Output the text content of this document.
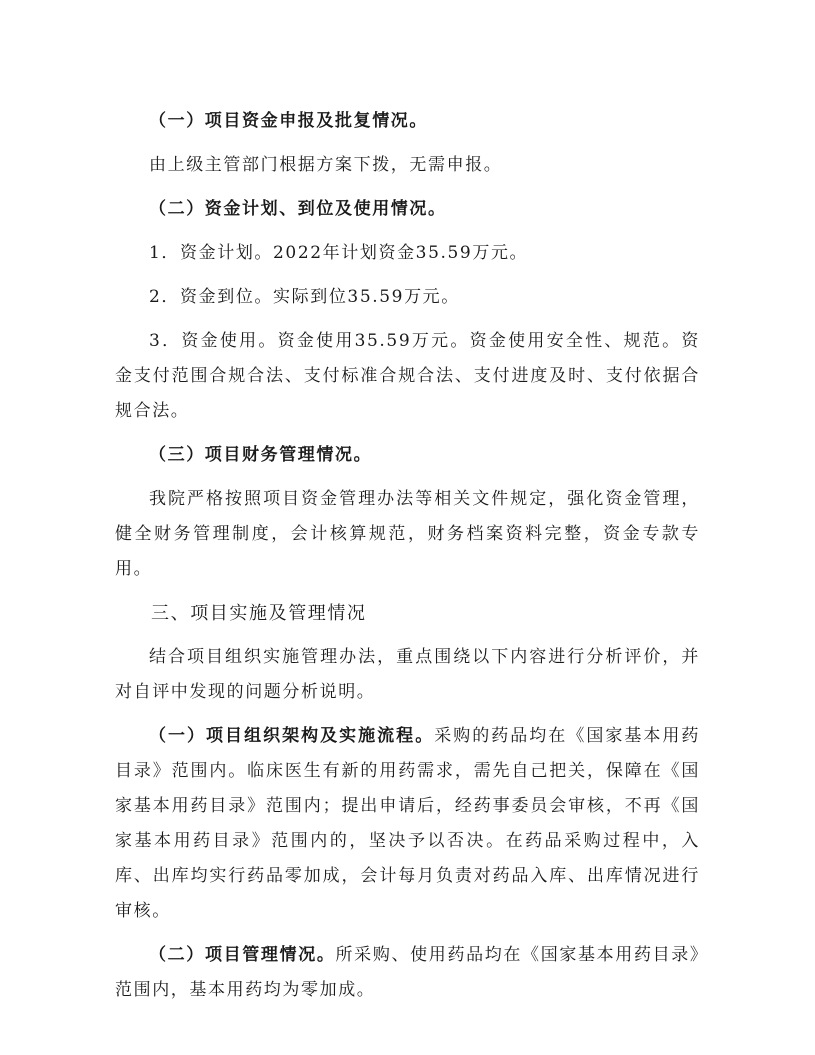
（一）项目资金申报及批复情况。

由上级主管部门根据方案下拨，无需申报。

（二）资金计划、到位及使用情况。

1．资金计划。2022年计划资金35.59万元。

2．资金到位。实际到位35.59万元。

3．资金使用。资金使用35.59万元。资金使用安全性、规范。资金支付范围合规合法、支付标准合规合法、支付进度及时、支付依据合规合法。

（三）项目财务管理情况。

我院严格按照项目资金管理办法等相关文件规定，强化资金管理，健全财务管理制度，会计核算规范，财务档案资料完整，资金专款专用。

三、项目实施及管理情况

结合项目组织实施管理办法，重点围绕以下内容进行分析评价，并对自评中发现的问题分析说明。

（一）项目组织架构及实施流程。采购的药品均在《国家基本用药目录》范围内。临床医生有新的用药需求，需先自己把关，保障在《国家基本用药目录》范围内；提出申请后，经药事委员会审核，不再《国家基本用药目录》范围内的，坚决予以否决。在药品采购过程中，入库、出库均实行药品零加成，会计每月负责对药品入库、出库情况进行审核。

（二）项目管理情况。所采购、使用药品均在《国家基本用药目录》范围内，基本用药均为零加成。
